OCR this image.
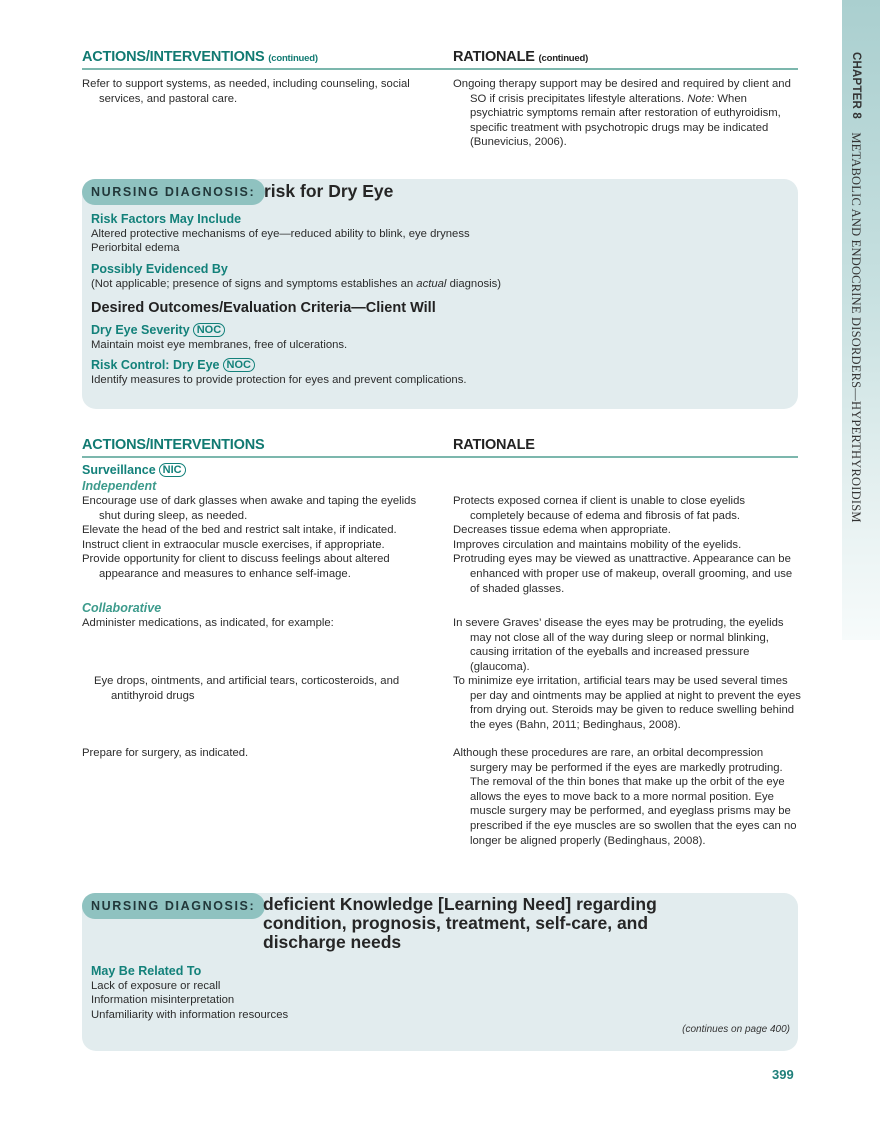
CHAPTER 8 METABOLIC AND ENDOCRINE DISORDERS—HYPERTHYROIDISM
ACTIONS/INTERVENTIONS (continued)	RATIONALE (continued)
Refer to support systems, as needed, including counseling, social services, and pastoral care.
Ongoing therapy support may be desired and required by client and SO if crisis precipitates lifestyle alterations. Note: When psychiatric symptoms remain after restoration of euthyroidism, specific treatment with psychotropic drugs may be indicated (Bunevicius, 2006).
NURSING DIAGNOSIS: risk for Dry Eye
Risk Factors May Include
Altered protective mechanisms of eye—reduced ability to blink, eye dryness
Periorbital edema
Possibly Evidenced By
(Not applicable; presence of signs and symptoms establishes an actual diagnosis)
Desired Outcomes/Evaluation Criteria—Client Will
Dry Eye Severity NOC
Maintain moist eye membranes, free of ulcerations.
Risk Control: Dry Eye NOC
Identify measures to provide protection for eyes and prevent complications.
ACTIONS/INTERVENTIONS	RATIONALE
Surveillance NIC
Independent

Encourage use of dark glasses when awake and taping the eyelids shut during sleep, as needed.

Elevate the head of the bed and restrict salt intake, if indicated.

Instruct client in extraocular muscle exercises, if appropriate.

Provide opportunity for client to discuss feelings about altered appearance and measures to enhance self-image.

Protects exposed cornea if client is unable to close eyelids completely because of edema and fibrosis of fat pads.

Decreases tissue edema when appropriate.

Improves circulation and maintains mobility of the eyelids.

Protruding eyes may be viewed as unattractive. Appearance can be enhanced with proper use of makeup, overall grooming, and use of shaded glasses.

Collaborative
Administer medications, as indicated, for example:
Eye drops, ointments, and artificial tears, corticosteroids, and antithyroid drugs
Prepare for surgery, as indicated.
In severe Graves’ disease the eyes may be protruding, the eyelids may not close all of the way during sleep or normal blinking, causing irritation of the eyeballs and increased pressure (glaucoma).
To minimize eye irritation, artificial tears may be used several times per day and ointments may be applied at night to prevent the eyes from drying out. Steroids may be given to reduce swelling behind the eyes (Bahn, 2011; Bedinghaus, 2008).
Although these procedures are rare, an orbital decompression surgery may be performed if the eyes are markedly protruding. The removal of the thin bones that make up the orbit of the eye allows the eyes to move back to a more normal position. Eye muscle surgery may be performed, and eyeglass prisms may be prescribed if the eye muscles are so swollen that the eyes can no longer be aligned properly (Bedinghaus, 2008).
NURSING DIAGNOSIS: deficient Knowledge [Learning Need] regarding condition, prognosis, treatment, self-care, and discharge needs
May Be Related To
Lack of exposure or recall
Information misinterpretation
Unfamiliarity with information resources
(continues on page 400)
399
